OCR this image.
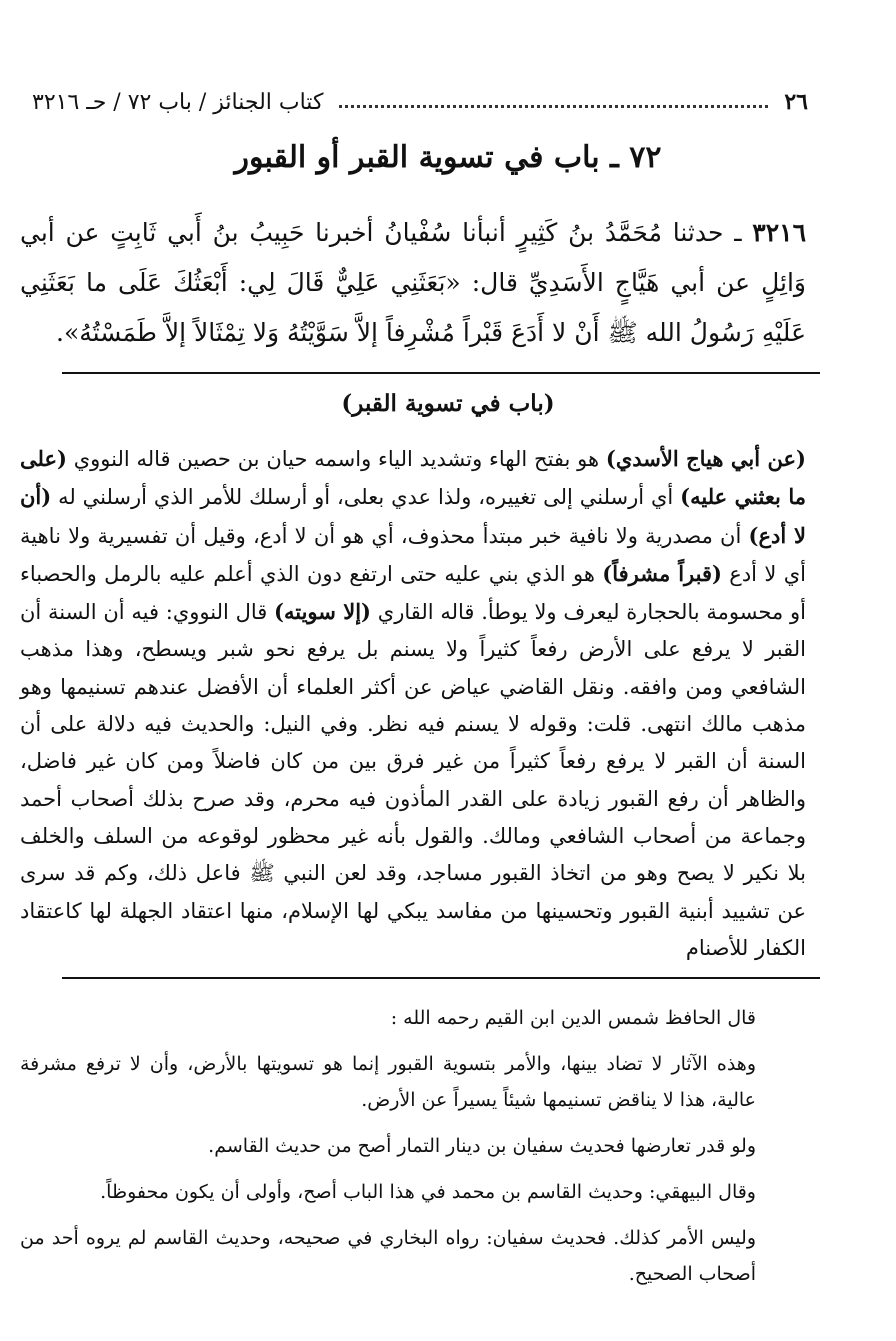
٢٦
كتاب الجنائز / باب ٧٢ / حـ ٣٢١٦
٧٢ ـ باب في تسوية القبر أو القبور

٣٢١٦ ـ حدثنا مُحَمَّدُ بنُ كَثِيرٍ أنبأنا سُفْيانُ أخبرنا حَبِيبُ بنُ أَبي ثَابِتٍ عن أبي وَائِلٍ عن أبي هَيَّاجٍ الأَسَدِيِّ قال: «بَعَثَنِي عَلِيٌّ قَالَ لِي: أَبْعَثُكَ عَلَى ما بَعَثَنِي عَلَيْهِ رَسُولُ الله ﷺ أَنْ لا أَدَعَ قَبْراً مُشْرِفاً إلاَّ سَوَّيْتُهُ وَلا تِمْثَالاً إلاَّ طَمَسْتُهُ».

(باب في تسوية القبر)

(عن أبي هياج الأسدي) هو بفتح الهاء وتشديد الياء واسمه حيان بن حصين قاله النووي (على ما بعثني عليه) أي أرسلني إلى تغييره، ولذا عدي بعلى، أو أرسلك للأمر الذي أرسلني له (أن لا أدع) أن مصدرية ولا نافية خبر مبتدأ محذوف، أي هو أن لا أدع، وقيل أن تفسيرية ولا ناهية أي لا أدع (قبراً مشرفاً) هو الذي بني عليه حتى ارتفع دون الذي أعلم عليه بالرمل والحصباء أو محسومة بالحجارة ليعرف ولا يوطأ. قاله القاري (إلا سويته) قال النووي: فيه أن السنة أن القبر لا يرفع على الأرض رفعاً كثيراً ولا يسنم بل يرفع نحو شبر ويسطح، وهذا مذهب الشافعي ومن وافقه. ونقل القاضي عياض عن أكثر العلماء أن الأفضل عندهم تسنيمها وهو مذهب مالك انتهى. قلت: وقوله لا يسنم فيه نظر. وفي النيل: والحديث فيه دلالة على أن السنة أن القبر لا يرفع رفعاً كثيراً من غير فرق بين من كان فاضلاً ومن كان غير فاضل، والظاهر أن رفع القبور زيادة على القدر المأذون فيه محرم، وقد صرح بذلك أصحاب أحمد وجماعة من أصحاب الشافعي ومالك. والقول بأنه غير محظور لوقوعه من السلف والخلف بلا نكير لا يصح وهو من اتخاذ القبور مساجد، وقد لعن النبي ﷺ فاعل ذلك، وكم قد سرى عن تشييد أبنية القبور وتحسينها من مفاسد يبكي لها الإسلام، منها اعتقاد الجهلة لها كاعتقاد الكفار للأصنام

قال الحافظ شمس الدين ابن القيم رحمه الله :

وهذه الآثار لا تضاد بينها، والأمر بتسوية القبور إنما هو تسويتها بالأرض، وأن لا ترفع مشرفة عالية، هذا لا يناقض تسنيمها شيئاً يسيراً عن الأرض.

ولو قدر تعارضها فحديث سفيان بن دينار التمار أصح من حديث القاسم.

وقال البيهقي: وحديث القاسم بن محمد في هذا الباب أصح، وأولى أن يكون محفوظاً.

وليس الأمر كذلك. فحديث سفيان: رواه البخاري في صحيحه، وحديث القاسم لم يروه أحد من أصحاب الصحيح.
